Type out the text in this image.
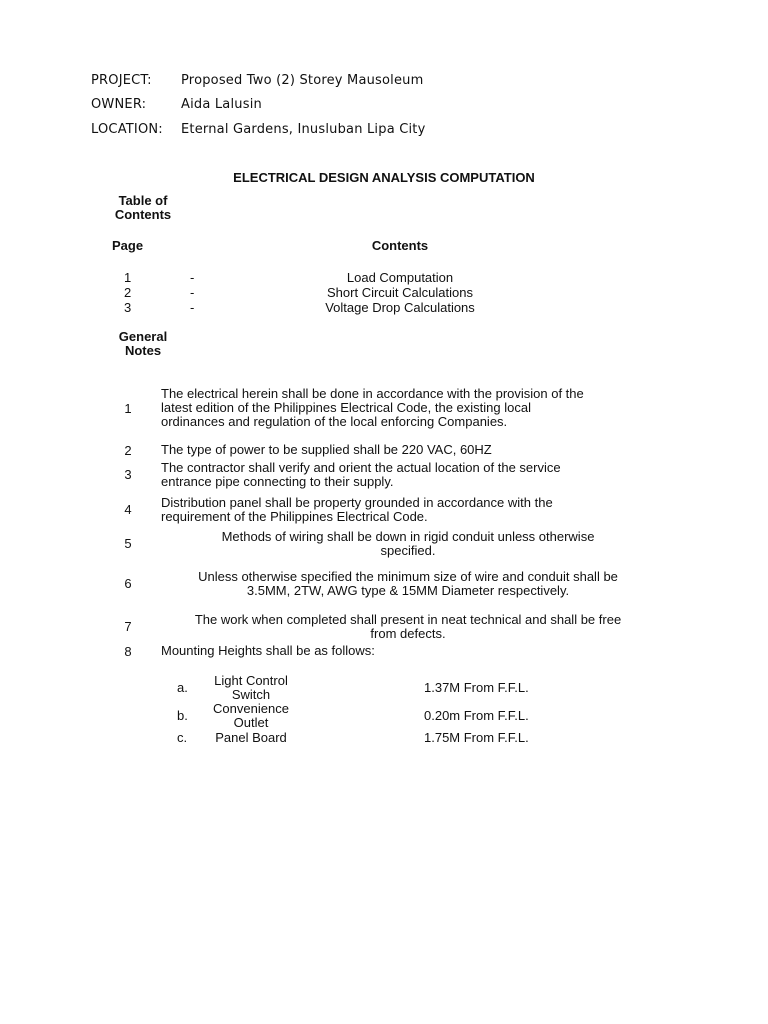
PROJECT: Proposed Two (2) Storey Mausoleum
OWNER:	Aida Lalusin
LOCATION: Eternal Gardens, Inusluban Lipa City
ELECTRICAL DESIGN ANALYSIS COMPUTATION
Table of
Contents
Page	Contents
1	-	Load Computation
2	-	Short Circuit Calculations
3	-	Voltage Drop Calculations
General
Notes
1
The electrical herein shall be done in accordance with the provision of the
latest edition of the Philippines Electrical Code, the existing local
ordinances and regulation of the local enforcing Companies.
2	The type of power to be supplied shall be 220 VAC, 60HZ
3	The contractor shall verify and orient the actual location of the service
entrance pipe connecting to their supply.
4	Distribution panel shall be property grounded in accordance with the
requirement of the Philippines Electrical Code.
5	Methods of wiring shall be down in rigid conduit unless otherwise
specified.
6	Unless otherwise specified the minimum size of wire and conduit shall be
3.5MM, 2TW, AWG type & 15MM Diameter respectively.
7	The work when completed shall present in neat technical and shall be free
from defects.
8	Mounting Heights shall be as follows:
a.	Light Control
Switch	1.37M From F.F.L.
b.	Convenience
Outlet	0.20m From F.F.L.
c.	Panel Board	1.75M From F.F.L.
